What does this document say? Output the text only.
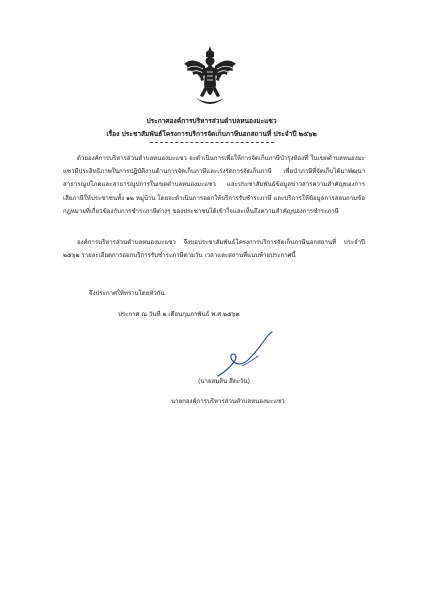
ประกาศองค์การบริหารส่วนตำบลหนองมะแซว
เรื่อง ประชาสัมพันธ์โครงการบริการจัดเก็บภาษีนอกสถานที่ ประจำปี ๒๕๖๒
ด้วยองค์การบริหารส่วนตำบลหนองมะแซว จะดำเนินการเพื่อให้การจัดเก็บภาษีบำรุงท้องที่ ในเขตตำบลหนองมะแซวมีประสิทธิภาพในการปฏิบัติงานด้านการจัดเก็บภาษีและเร่งรัดการจัดเก็บภาษี เพื่อนำภาษีที่จัดเก็บได้มาพัฒนาสาธารณูปโภคและสาธารณูปการในเขตตำบลหนองมะแซว และประชาสัมพันธ์ข้อมูลข่าวสารความสำคัญของการเสียภาษีให้ประชาชนทั้ง ๑๒ หมู่บ้าน โดยจะดำเนินการออกให้บริการรับชำระภาษี และบริการให้ข้อมูลการสอบถามข้อกฎหมายที่เกี่ยวข้องกับการชำระภาษีต่างๆ ของประชาชนได้เข้าใจและเห็นถึงความสำคัญของการชำระภาษี
องค์การบริหารส่วนตำบลหนองมะแซว จึงขอประชาสัมพันธ์โครงการบริการจัดเก็บภาษีนอกสถานที่ ประจำปี ๒๕๖๒ รายละเอียดการออกบริการรับชำระภาษีตามวัน เวลาและสถานที่แนบท้ายประกาศนี้
จึงประกาศให้ทราบโดยทั่วกัน
ประกาศ ณ วันที่ ๒ เดือนกุมภาพันธ์ พ.ศ.๒๕๖๒
(นายสมสิน สีดะวัน)
นายกองค์การบริหารส่วนตำบลหนองมะแซว
